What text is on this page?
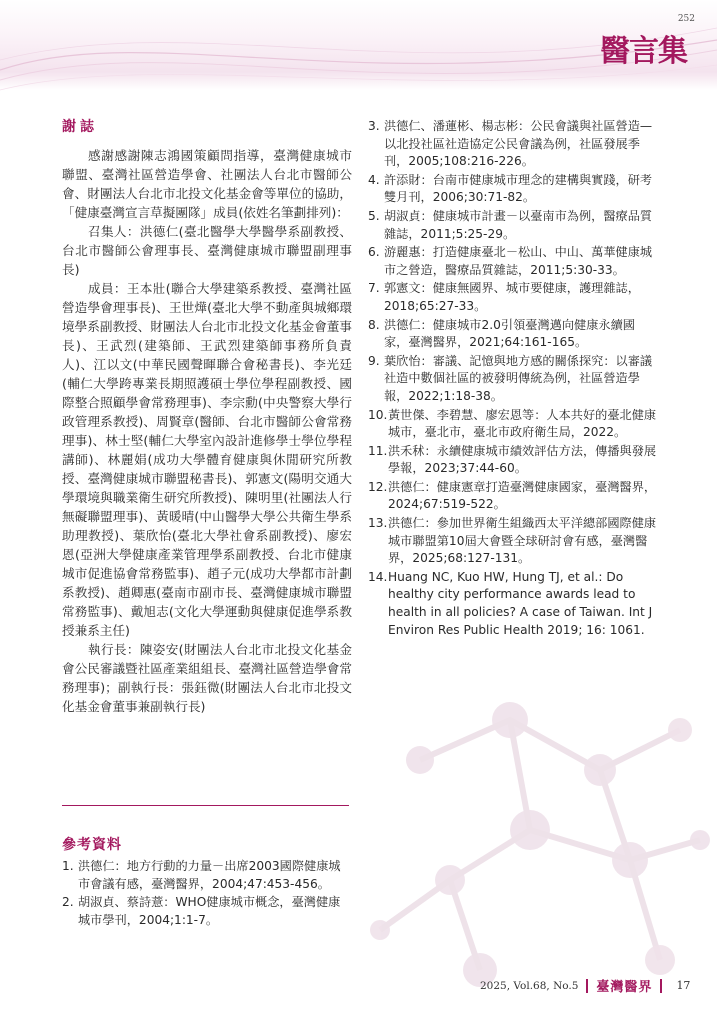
252
醫言集
謝誌

感謝感謝陳志鴻國策顧問指導，臺灣健康城市聯盟、臺灣社區營造學會、社團法人台北市醫師公會、財團法人台北市北投文化基金會等單位的協助，「健康臺灣宣言草擬團隊」成員(依姓名筆劃排列)：

召集人：洪德仁(臺北醫學大學醫學系副教授、台北市醫師公會理事長、臺灣健康城市聯盟副理事長)

成員：王本壯(聯合大學建築系教授、臺灣社區營造學會理事長)、王世燁(臺北大學不動產與城鄉環境學系副教授、財團法人台北市北投文化基金會董事長)、王武烈(建築師、王武烈建築師事務所負責人)、江以文(中華民國聲暉聯合會秘書長)、李光廷(輔仁大學跨專業長期照護碩士學位學程副教授、國際整合照顧學會常務理事)、李宗勳(中央警察大學行政管理系教授)、周賢章(醫師、台北市醫師公會常務理事)、林士堅(輔仁大學室內設計進修學士學位學程講師)、林麗娟(成功大學體育健康與休閒研究所教授、臺灣健康城市聯盟秘書長)、郭憲文(陽明交通大學環境與職業衛生研究所教授)、陳明里(社團法人行無礙聯盟理事)、黃暖晴(中山醫學大學公共衛生學系助理教授)、葉欣怡(臺北大學社會系副教授)、廖宏恩(亞洲大學健康產業管理學系副教授、台北市健康城市促進協會常務監事)、趙子元(成功大學都市計劃系教授)、趙卿惠(臺南市副市長、臺灣健康城市聯盟常務監事)、戴旭志(文化大學運動與健康促進學系教授兼系主任)

執行長：陳姿安(財團法人台北市北投文化基金會公民審議暨社區產業組組長、臺灣社區營造學會常務理事)；副執行長：張鈺微(財團法人台北市北投文化基金會董事兼副執行長)

參考資料
1. 洪德仁：地方行動的力量－出席2003國際健康城市會議有感，臺灣醫界，2004;47:453-456。
2. 胡淑貞、蔡詩薏：WHO健康城市概念，臺灣健康城市學刊，2004;1:1-7。
3. 洪德仁、潘蓮彬、楊志彬：公民會議與社區營造—以北投社區社造協定公民會議為例，社區發展季刊，2005;108:216-226。
4. 許添財：台南市健康城市理念的建構與實踐，研考雙月刊，2006;30:71-82。
5. 胡淑貞：健康城市計畫－以臺南市為例，醫療品質雜誌，2011;5:25-29。
6. 游麗惠：打造健康臺北－松山、中山、萬華健康城市之營造，醫療品質雜誌，2011;5:30-33。
7. 郭憲文：健康無國界、城市要健康，護理雜誌，2018;65:27-33。
8. 洪德仁：健康城市2.0引領臺灣邁向健康永續國家，臺灣醫界，2021;64:161-165。
9. 葉欣怡：審議、記憶與地方感的關係探究：以審議社造中數個社區的被發明傳統為例，社區營造學報，2022;1:18-38。
10. 黃世傑、李碧慧、廖宏恩等：人本共好的臺北健康城市，臺北市，臺北市政府衛生局，2022。
11. 洪禾秫：永續健康城市績效評估方法，傳播與發展學報，2023;37:44-60。
12. 洪德仁：健康憲章打造臺灣健康國家，臺灣醫界，2024;67:519-522。
13. 洪德仁：參加世界衛生組織西太平洋總部國際健康城市聯盟第10屆大會暨全球研討會有感，臺灣醫界，2025;68:127-131。
14. Huang NC, Kuo HW, Hung TJ, et al.: Do healthy city performance awards lead to health in all policies? A case of Taiwan. Int J Environ Res Public Health 2019; 16: 1061.
2025, Vol.68, No.5 臺灣醫界 17
